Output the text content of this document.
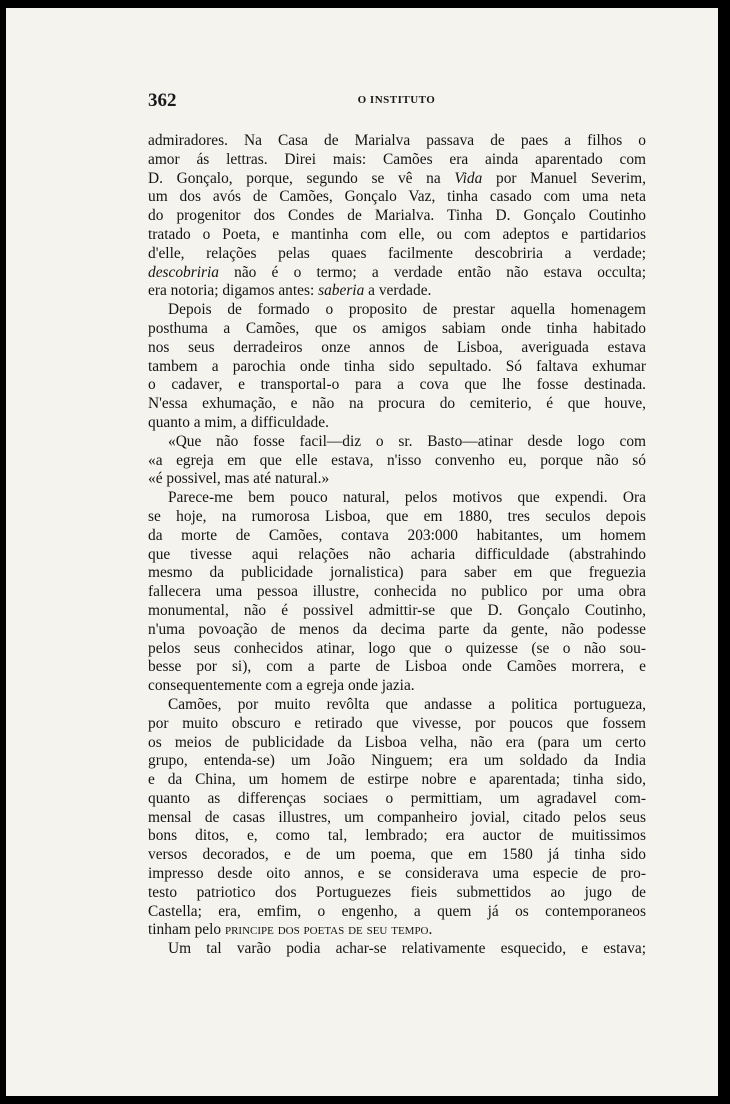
362	O INSTITUTO
admiradores. Na Casa de Marialva passava de paes a filhos o
amor ás lettras. Direi mais: Camões era ainda aparentado com
D. Gonçalo, porque, segundo se vê na Vida por Manuel Severim,
um dos avós de Camões, Gonçalo Vaz, tinha casado com uma neta
do progenitor dos Condes de Marialva. Tinha D. Gonçalo Coutinho
tratado o Poeta, e mantinha com elle, ou com adeptos e partidarios
d'elle, relações pelas quaes facilmente descobriria a verdade;
descobriria não é o termo; a verdade então não estava occulta;
era notoria; digamos antes: saberia a verdade.
Depois de formado o proposito de prestar aquella homenagem
posthuma a Camões, que os amigos sabiam onde tinha habitado
nos seus derradeiros onze annos de Lisboa, averiguada estava
tambem a parochia onde tinha sido sepultado. Só faltava exhumar
o cadaver, e transportal-o para a cova que lhe fosse destinada.
N'essa exhumação, e não na procura do cemiterio, é que houve,
quanto a mim, a difficuldade.
«Que não fosse facil—diz o sr. Basto—atinar desde logo com
«a egreja em que elle estava, n'isso convenho eu, porque não só
«é possivel, mas até natural.»
Parece-me bem pouco natural, pelos motivos que expendi. Ora
se hoje, na rumorosa Lisboa, que em 1880, tres seculos depois
da morte de Camões, contava 203:000 habitantes, um homem
que tivesse aqui relações não acharia difficuldade (abstrahindo
mesmo da publicidade jornalistica) para saber em que freguezia
fallecera uma pessoa illustre, conhecida no publico por uma obra
monumental, não é possivel admittir-se que D. Gonçalo Coutinho,
n'uma povoação de menos da decima parte da gente, não podesse
pelos seus conhecidos atinar, logo que o quizesse (se o não sou-
besse por si), com a parte de Lisboa onde Camões morrera, e
consequentemente com a egreja onde jazia.
Camões, por muito revôlta que andasse a politica portugueza,
por muito obscuro e retirado que vivesse, por poucos que fossem
os meios de publicidade da Lisboa velha, não era (para um certo
grupo, entenda-se) um João Ninguem; era um soldado da India
e da China, um homem de estirpe nobre e aparentada; tinha sido,
quanto as differenças sociaes o permittiam, um agradavel com-
mensal de casas illustres, um companheiro jovial, citado pelos seus
bons ditos, e, como tal, lembrado; era auctor de muitissimos
versos decorados, e de um poema, que em 1580 já tinha sido
impresso desde oito annos, e se considerava uma especie de pro-
testo patriotico dos Portuguezes fieis submettidos ao jugo de
Castella; era, emfim, o engenho, a quem já os contemporaneos
tinham pelo principe dos poetas de seu tempo.
Um tal varão podia achar-se relativamente esquecido, e estava;
